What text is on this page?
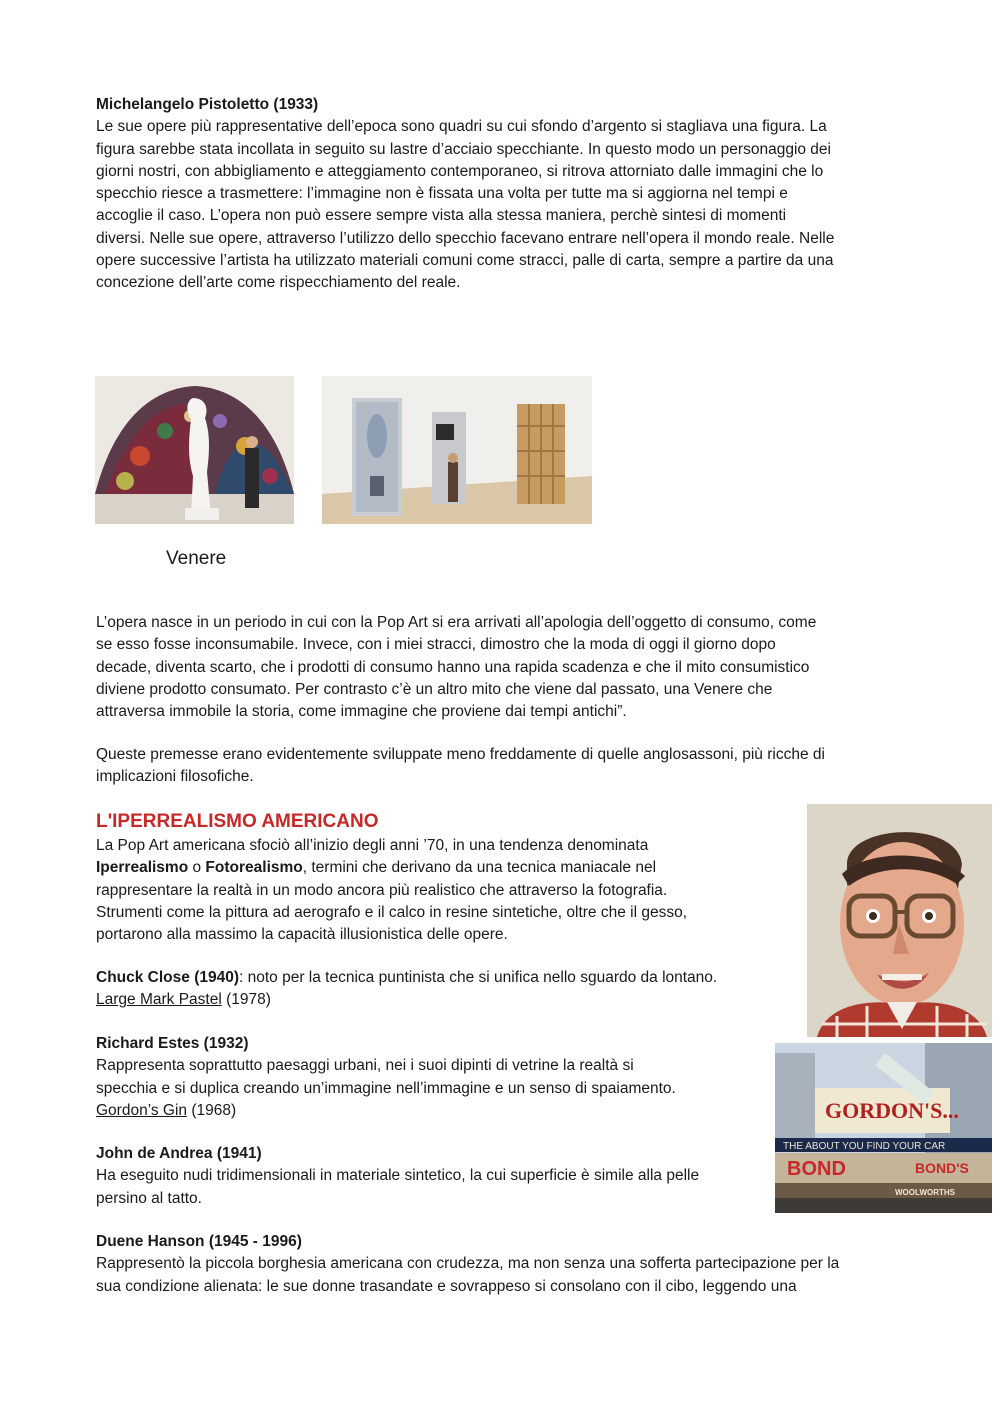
Michelangelo Pistoletto (1933)
Le sue opere più rappresentative dell’epoca sono quadri su cui sfondo d’argento si stagliava una figura. La
figura sarebbe stata incollata in seguito su lastre d’acciaio specchiante. In questo modo un personaggio dei
giorni nostri, con abbigliamento e atteggiamento contemporaneo, si ritrova attorniato dalle immagini che lo
specchio riesce a trasmettere: l’immagine non è fissata una volta per tutte ma si aggiorna nel tempi e
accoglie il caso. L’opera non può essere sempre vista alla stessa maniera, perchè sintesi di momenti
diversi. Nelle sue opere, attraverso l’utilizzo dello specchio facevano entrare nell’opera il mondo reale. Nelle
opere successive l’artista ha utilizzato materiali comuni come stracci, palle di carta, sempre a partire da una
concezione dell’arte come rispecchiamento del reale.
Venere
L’opera nasce in un periodo in cui con la Pop Art si era arrivati all’apologia dell’oggetto di consumo, come
se esso fosse inconsumabile. Invece, con i miei stracci, dimostro che la moda di oggi il giorno dopo
decade, diventa scarto, che i prodotti di consumo hanno una rapida scadenza e che il mito consumistico
diviene prodotto consumato. Per contrasto c’è un altro mito che viene dal passato, una Venere che
attraversa immobile la storia, come immagine che proviene dai tempi antichi”.
Queste premesse erano evidentemente sviluppate meno freddamente di quelle anglosassoni, più ricche di
implicazioni filosofiche.
L'IPERREALISMO AMERICANO
La Pop Art americana sfociò all’inizio degli anni ’70, in una tendenza denominata
Iperrealismo o Fotorealismo, termini che derivano da una tecnica maniacale nel
rappresentare la realtà in un modo ancora più realistico che attraverso la fotografia.
Strumenti come la pittura ad aerografo e il calco in resine sintetiche, oltre che il gesso,
portarono alla massimo la capacità illusionistica delle opere.
Chuck Close (1940): noto per la tecnica puntinista che si unifica nello sguardo da lontano.
Large Mark Pastel (1978)
Richard Estes (1932)
Rappresenta soprattutto paesaggi urbani, nei i suoi dipinti di vetrine la realtà si
specchia e si duplica creando un’immagine nell’immagine e un senso di spaiamento.
Gordon’s Gin (1968)
John de Andrea (1941)
Ha eseguito nudi tridimensionali in materiale sintetico, la cui superficie è simile alla pelle
persino al tatto.
Duene Hanson (1945 - 1996)
Rappresentò la piccola borghesia americana con crudezza, ma non senza una sofferta partecipazione per la
sua condizione alienata: le sue donne trasandate e sovrappeso si consolano con il cibo, leggendo una
GORDON'S...
THE ABOUT YOU FIND YOUR CAR
BOND	BOND'S
WOOLWORTHS
